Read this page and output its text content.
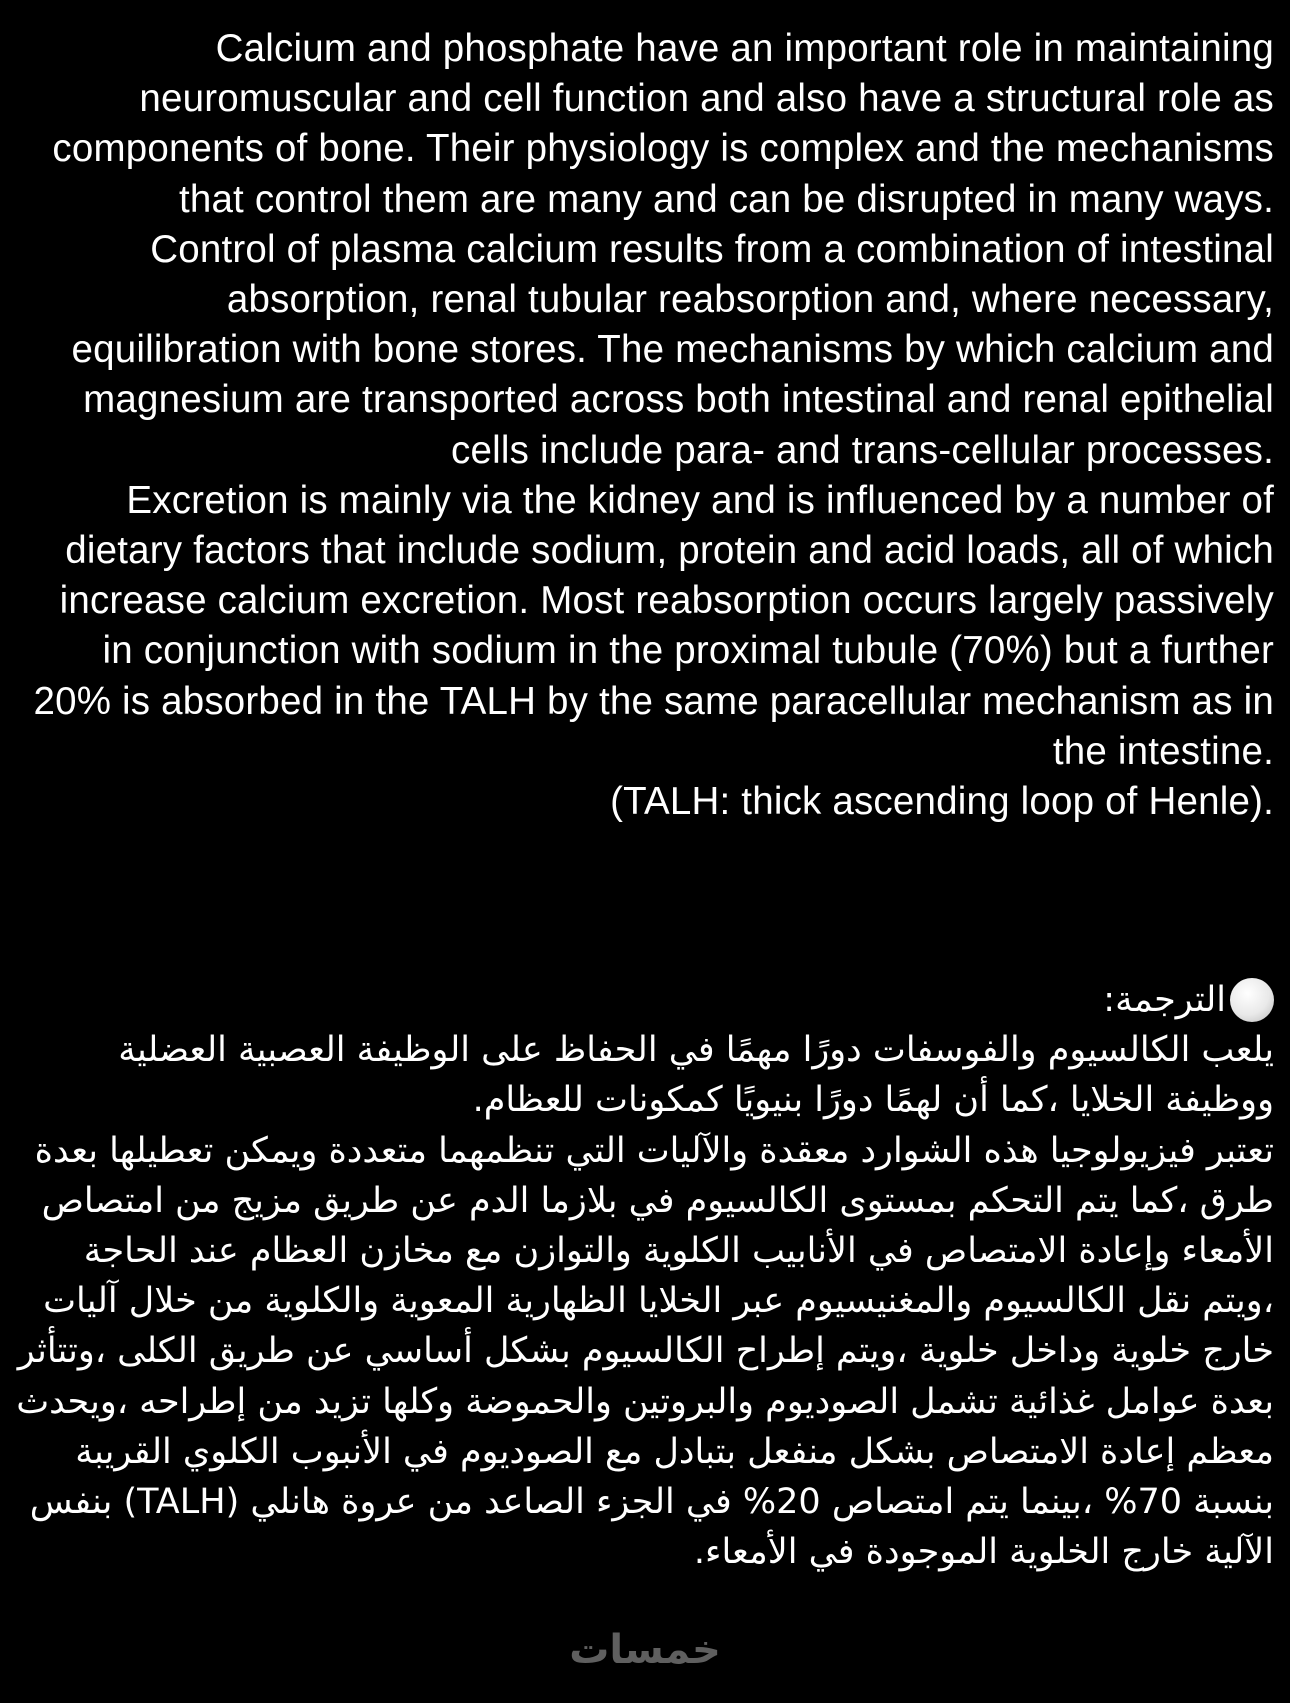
Calcium and phosphate have an important role in maintaining neuromuscular and cell function and also have a structural role as components of bone. Their physiology is complex and the mechanisms that control them are many and can be disrupted in many ways.

Control of plasma calcium results from a combination of intestinal absorption, renal tubular reabsorption and, where necessary, equilibration with bone stores. The mechanisms by which calcium and magnesium are transported across both intestinal and renal epithelial cells include para- and trans-cellular processes.

Excretion is mainly via the kidney and is influenced by a number of dietary factors that include sodium, protein and acid loads, all of which increase calcium excretion. Most reabsorption occurs largely passively in conjunction with sodium in the proximal tubule (70%) but a further 20% is absorbed in the TALH by the same paracellular mechanism as in the intestine.

(TALH: thick ascending loop of Henle).

الترجمة:

يلعب الكالسيوم والفوسفات دورًا مهمًا في الحفاظ على الوظيفة العصبية العضلية ووظيفة الخلايا ،كما أن لهمًا دورًا بنيويًا كمكونات للعظام.

تعتبر فيزيولوجيا هذه الشوارد معقدة والآليات التي تنظمهما متعددة ويمكن تعطيلها بعدة طرق ،كما يتم التحكم بمستوى الكالسيوم في بلازما الدم عن طريق مزيج من امتصاص الأمعاء وإعادة الامتصاص في الأنابيب الكلوية والتوازن مع مخازن العظام عند الحاجة ،ويتم نقل الكالسيوم والمغنيسيوم عبر الخلايا الظهارية المعوية والكلوية من خلال آليات خارج خلوية وداخل خلوية ،ويتم إطراح الكالسيوم بشكل أساسي عن طريق الكلى ،وتتأثر بعدة عوامل غذائية تشمل الصوديوم والبروتين والحموضة وكلها تزيد من إطراحه ،ويحدث معظم إعادة الامتصاص بشكل منفعل بتبادل مع الصوديوم في الأنبوب الكلوي القريبة بنسبة 70% ،بينما يتم امتصاص 20% في الجزء الصاعد من عروة هانلي (TALH) بنفس الآلية خارج الخلوية الموجودة في الأمعاء.

خمسات
